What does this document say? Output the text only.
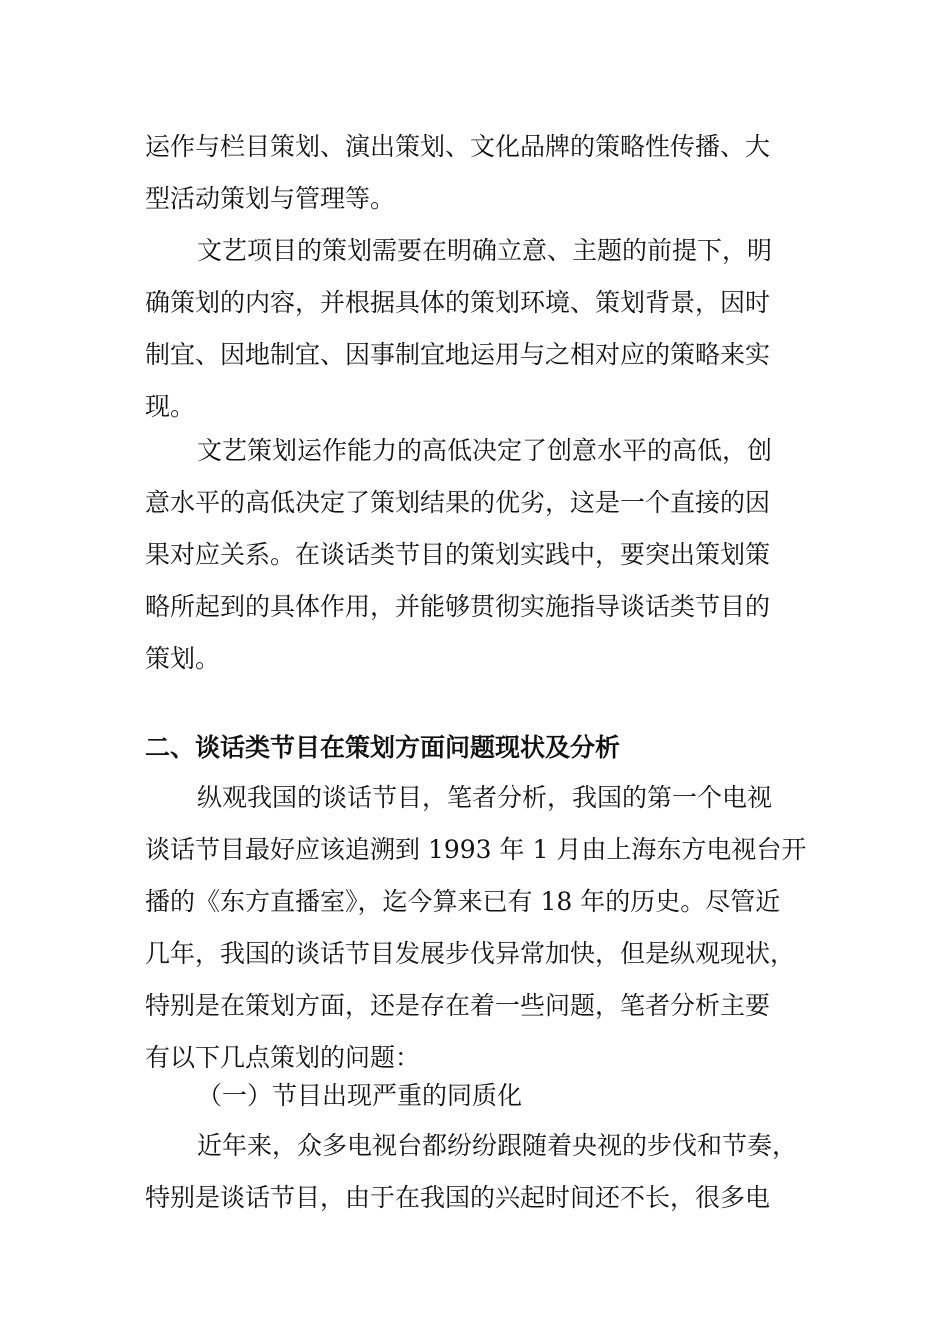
运作与栏目策划、演出策划、文化品牌的策略性传播、大
型活动策划与管理等。
文艺项目的策划需要在明确立意、主题的前提下，明
确策划的内容，并根据具体的策划环境、策划背景，因时
制宜、因地制宜、因事制宜地运用与之相对应的策略来实
现。
文艺策划运作能力的高低决定了创意水平的高低，创
意水平的高低决定了策划结果的优劣，这是一个直接的因
果对应关系。在谈话类节目的策划实践中，要突出策划策
略所起到的具体作用，并能够贯彻实施指导谈话类节目的
策划。
二、谈话类节目在策划方面问题现状及分析
纵观我国的谈话节目，笔者分析，我国的第一个电视
谈话节目最好应该追溯到 1993 年 1 月由上海东方电视台开
播的《东方直播室》，迄今算来已有 18 年的历史。尽管近
几年，我国的谈话节目发展步伐异常加快，但是纵观现状，
特别是在策划方面，还是存在着一些问题，笔者分析主要
有以下几点策划的问题：
（一）节目出现严重的同质化
近年来，众多电视台都纷纷跟随着央视的步伐和节奏，
特别是谈话节目，由于在我国的兴起时间还不长，很多电
